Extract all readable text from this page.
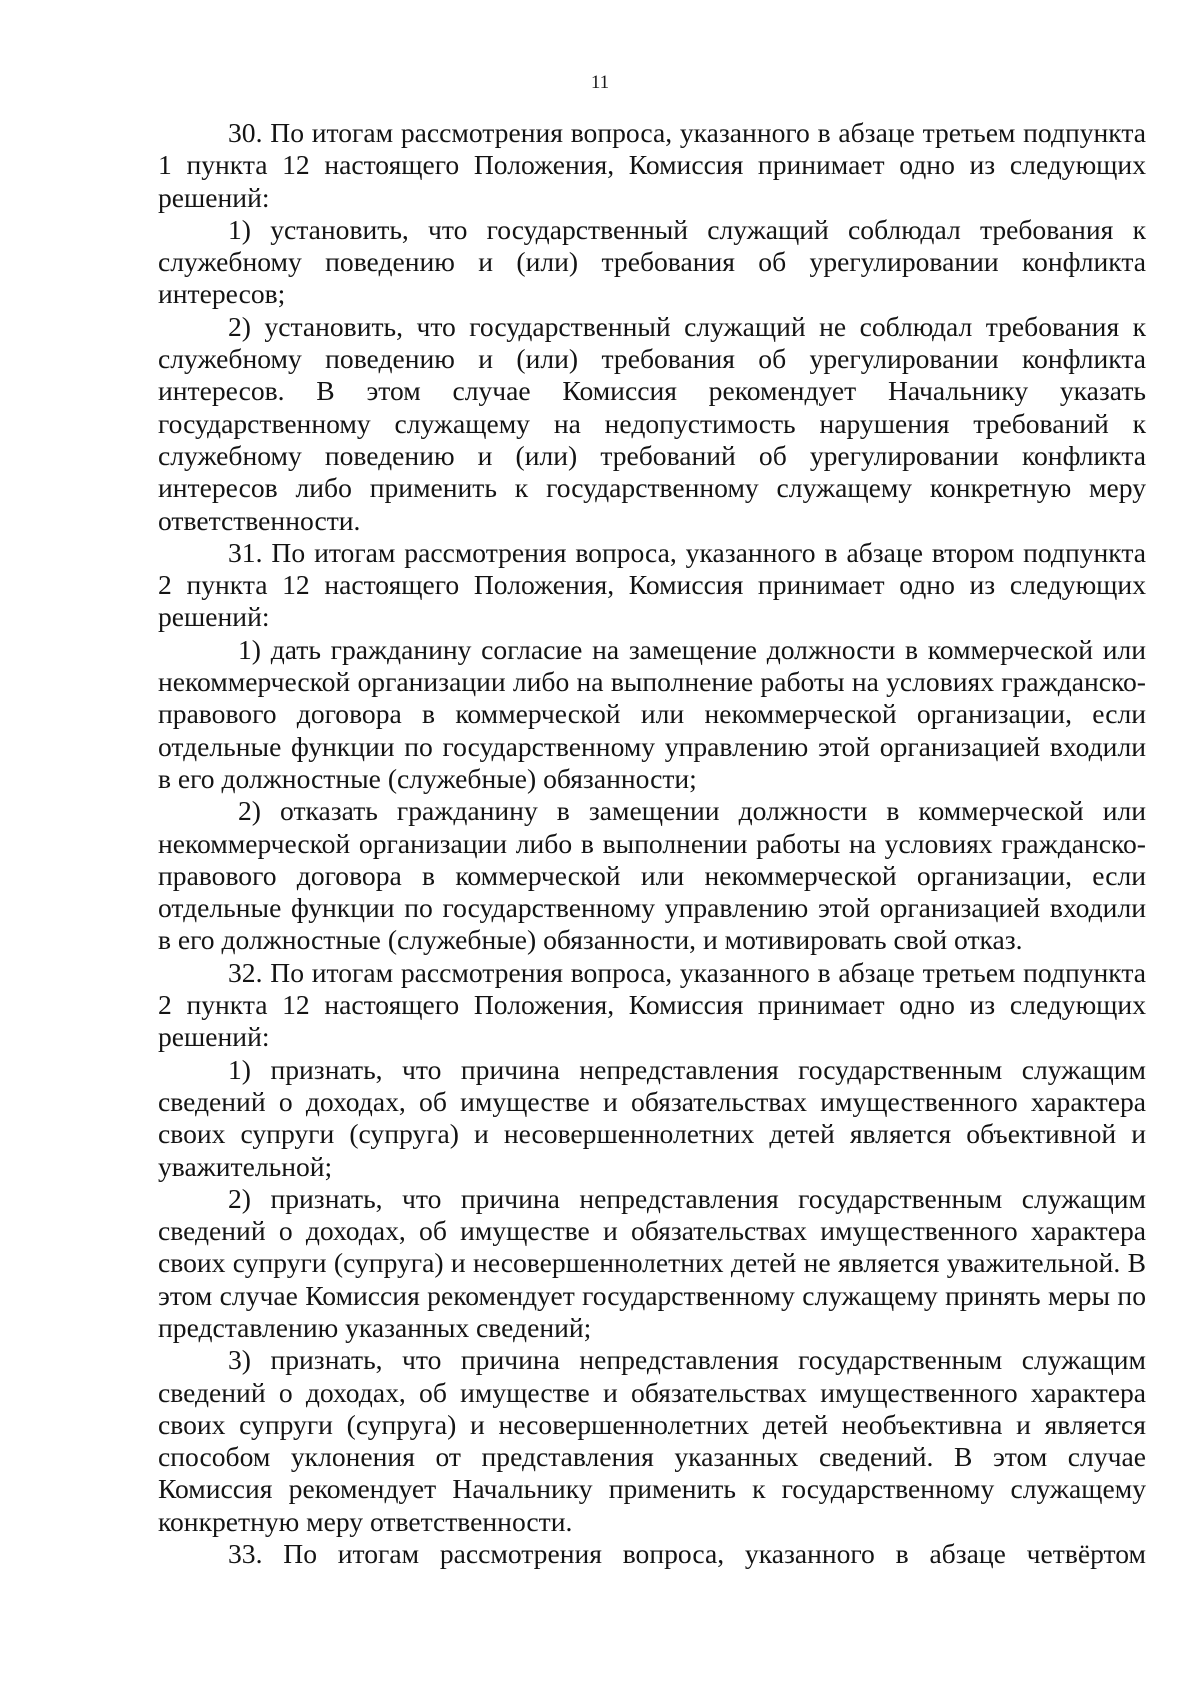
11

30. По итогам рассмотрения вопроса, указанного в абзаце третьем подпункта 1 пункта 12 настоящего Положения, Комиссия принимает одно из следующих решений:

1) установить, что государственный служащий соблюдал требования к служебному поведению и (или) требования об урегулировании конфликта интересов;

2) установить, что государственный служащий не соблюдал требования к служебному поведению и (или) требования об урегулировании конфликта интересов. В этом случае Комиссия рекомендует Начальнику указать государственному служащему на недопустимость нарушения требований к служебному поведению и (или) требований об урегулировании конфликта интересов либо применить к государственному служащему конкретную меру ответственности.

31. По итогам рассмотрения вопроса, указанного в абзаце втором подпункта 2 пункта 12 настоящего Положения, Комиссия принимает одно из следующих решений:

1) дать гражданину согласие на замещение должности в коммерческой или некоммерческой организации либо на выполнение работы на условиях гражданско-правового договора в коммерческой или некоммерческой организации, если отдельные функции по государственному управлению этой организацией входили в его должностные (служебные) обязанности;

2) отказать гражданину в замещении должности в коммерческой или некоммерческой организации либо в выполнении работы на условиях гражданско-правового договора в коммерческой или некоммерческой организации, если отдельные функции по государственному управлению этой организацией входили в его должностные (служебные) обязанности, и мотивировать свой отказ.

32. По итогам рассмотрения вопроса, указанного в абзаце третьем подпункта 2 пункта 12 настоящего Положения, Комиссия принимает одно из следующих решений:

1) признать, что причина непредставления государственным служащим сведений о доходах, об имуществе и обязательствах имущественного характера своих супруги (супруга) и несовершеннолетних детей является объективной и уважительной;

2) признать, что причина непредставления государственным служащим сведений о доходах, об имуществе и обязательствах имущественного характера своих супруги (супруга) и несовершеннолетних детей не является уважительной. В этом случае Комиссия рекомендует государственному служащему принять меры по представлению указанных сведений;

3) признать, что причина непредставления государственным служащим сведений о доходах, об имуществе и обязательствах имущественного характера своих супруги (супруга) и несовершеннолетних детей необъективна и является способом уклонения от представления указанных сведений. В этом случае Комиссия рекомендует Начальнику применить к государственному служащему конкретную меру ответственности.

33. По итогам рассмотрения вопроса, указанного в абзаце четвёртом
